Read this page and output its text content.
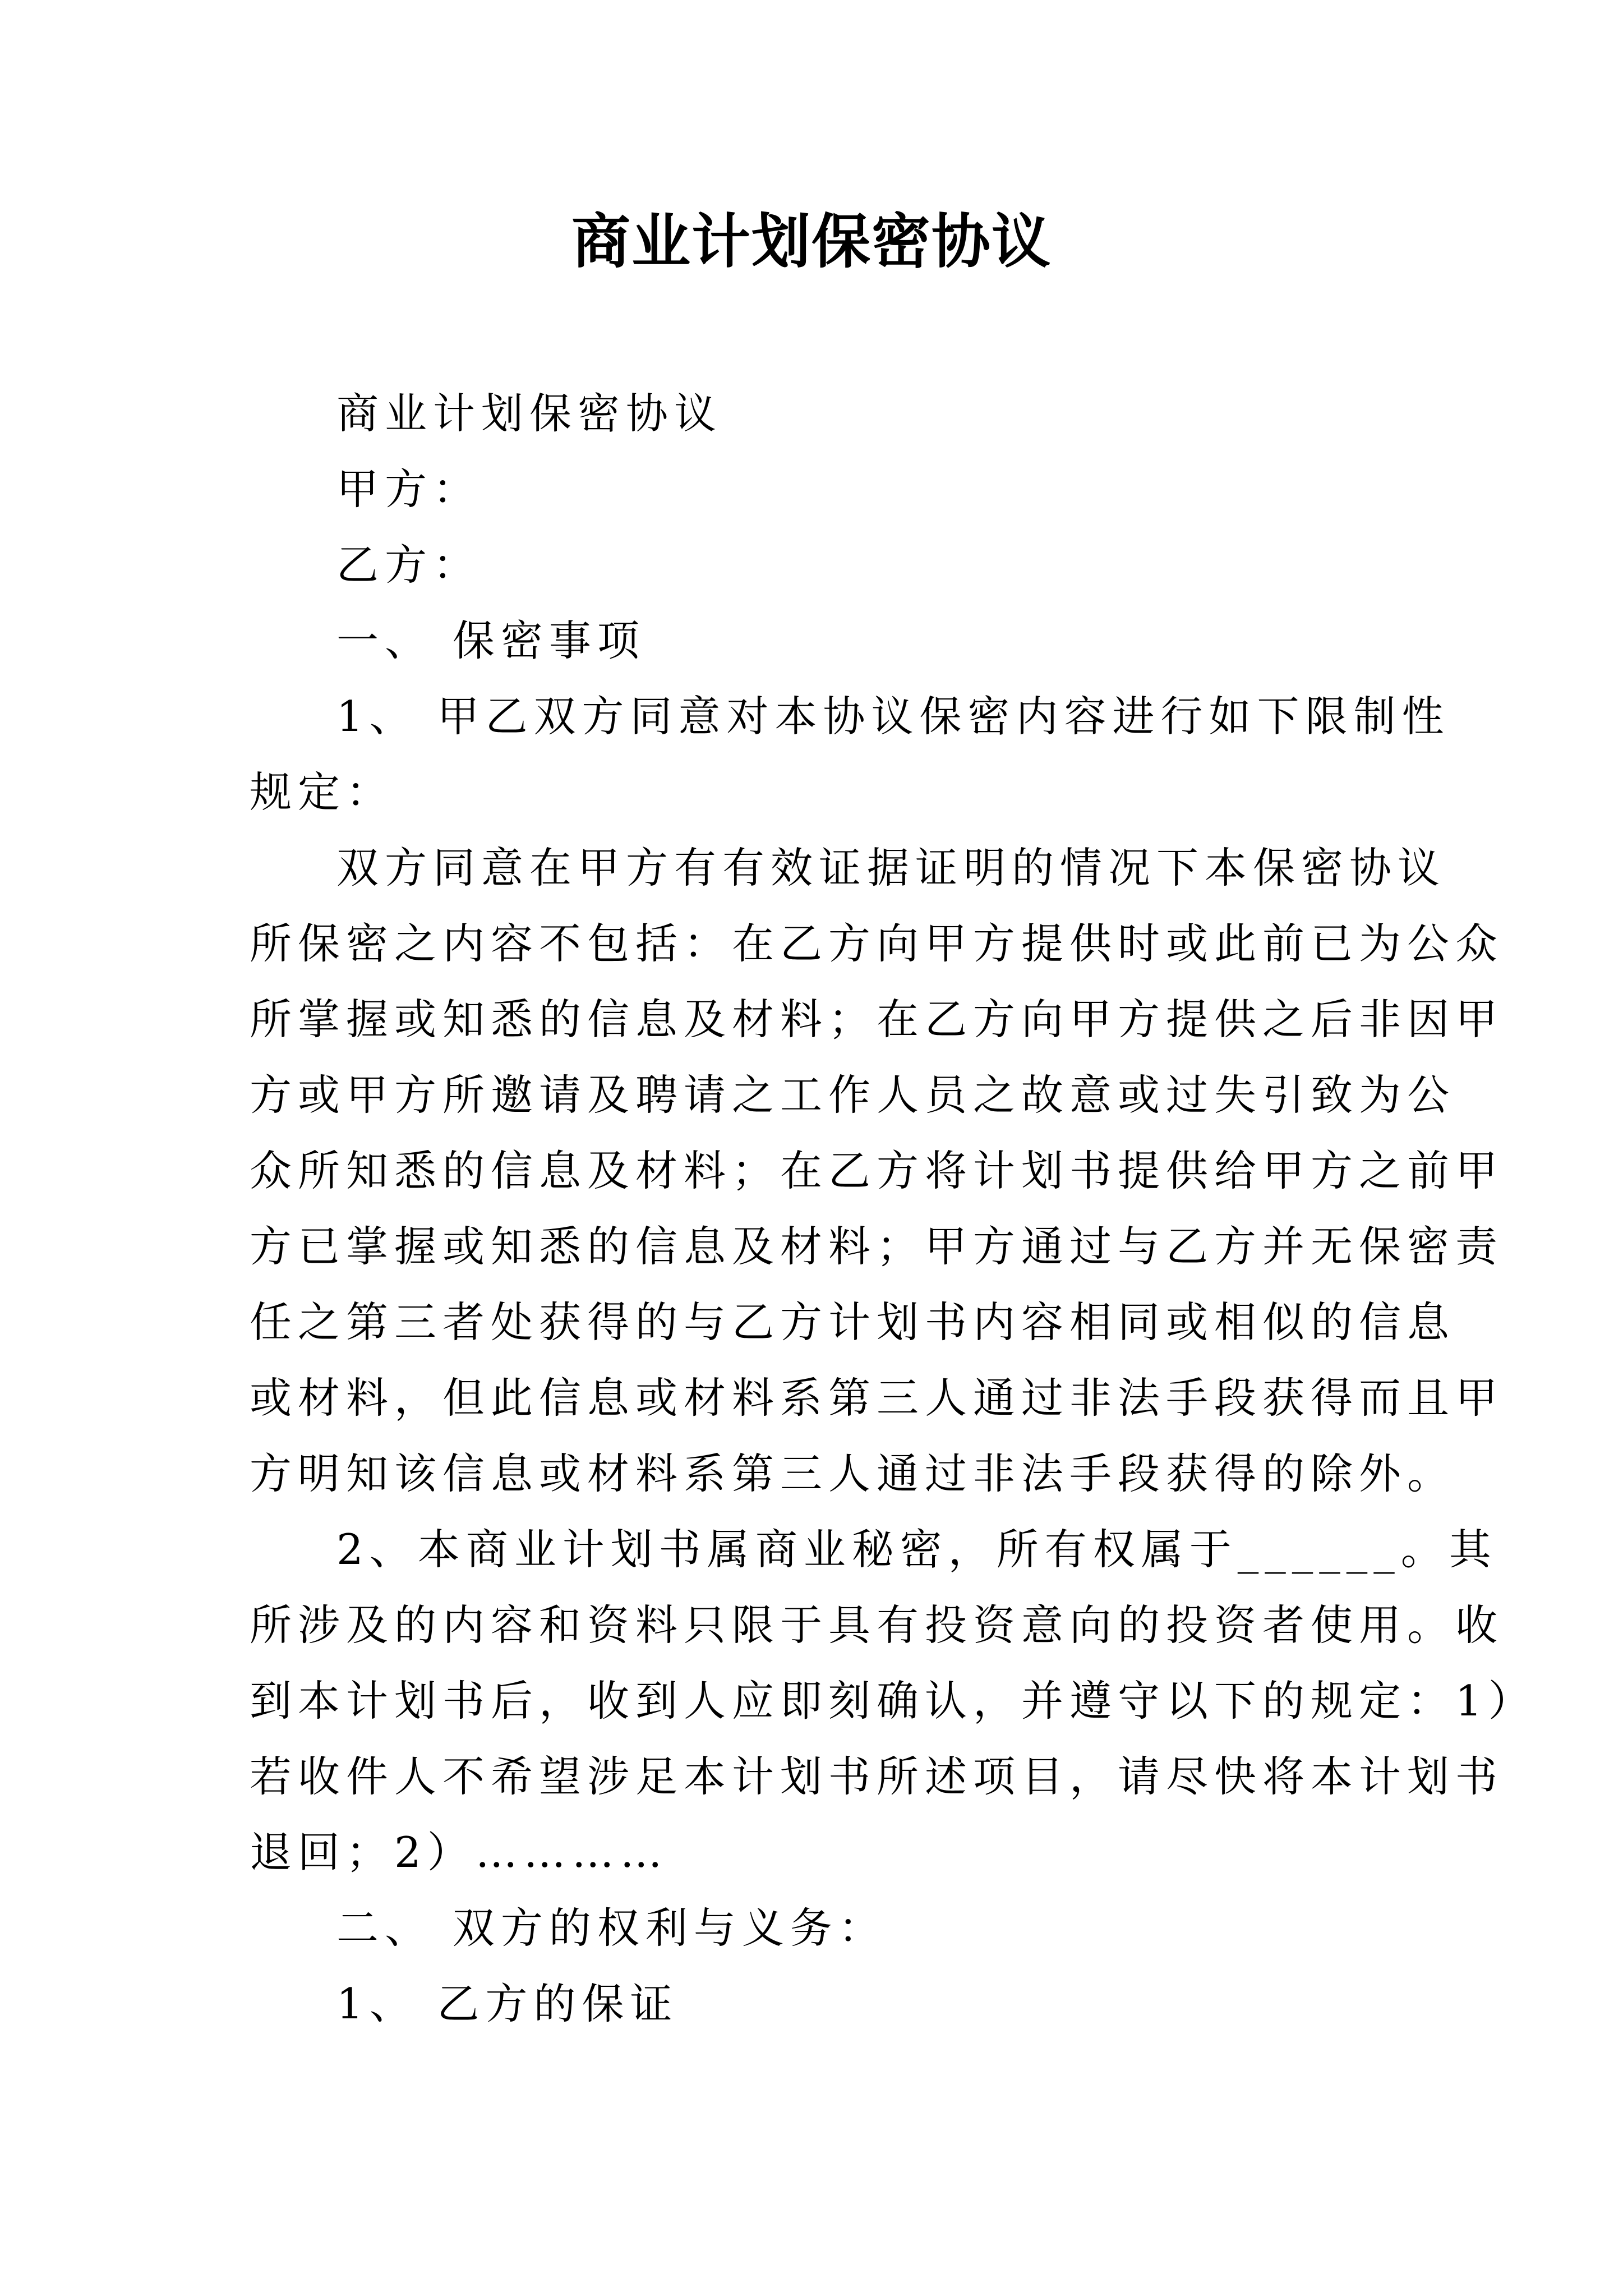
商业计划保密协议
商业计划保密协议
甲方：
乙方：
一、 保密事项
1、 甲乙双方同意对本协议保密内容进行如下限制性
规定：
双方同意在甲方有有效证据证明的情况下本保密协议
所保密之内容不包括：在乙方向甲方提供时或此前已为公众
所掌握或知悉的信息及材料；在乙方向甲方提供之后非因甲
方或甲方所邀请及聘请之工作人员之故意或过失引致为公
众所知悉的信息及材料；在乙方将计划书提供给甲方之前甲
方已掌握或知悉的信息及材料；甲方通过与乙方并无保密责
任之第三者处获得的与乙方计划书内容相同或相似的信息
或材料，但此信息或材料系第三人通过非法手段获得而且甲
方明知该信息或材料系第三人通过非法手段获得的除外。
2、本商业计划书属商业秘密，所有权属于______。其
所涉及的内容和资料只限于具有投资意向的投资者使用。收
到本计划书后，收到人应即刻确认，并遵守以下的规定：1）
若收件人不希望涉足本计划书所述项目，请尽快将本计划书
退回；2）…………
二、 双方的权利与义务：
1、 乙方的保证
